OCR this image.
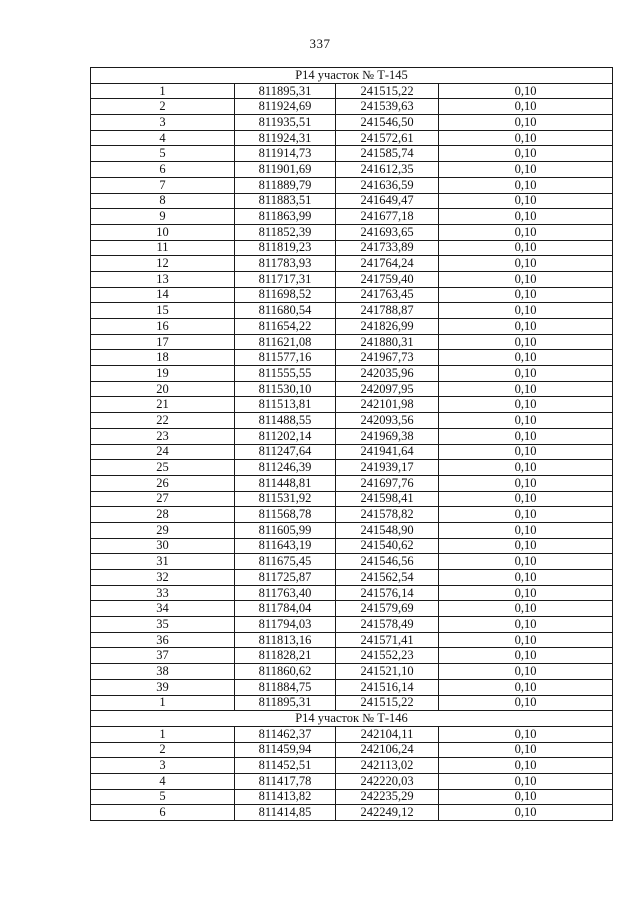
337
Р14 участок № Т-145			
1	811895,31	241515,22	0,10
2	811924,69	241539,63	0,10
3	811935,51	241546,50	0,10
4	811924,31	241572,61	0,10
5	811914,73	241585,74	0,10
6	811901,69	241612,35	0,10
7	811889,79	241636,59	0,10
8	811883,51	241649,47	0,10
9	811863,99	241677,18	0,10
10	811852,39	241693,65	0,10
11	811819,23	241733,89	0,10
12	811783,93	241764,24	0,10
13	811717,31	241759,40	0,10
14	811698,52	241763,45	0,10
15	811680,54	241788,87	0,10
16	811654,22	241826,99	0,10
17	811621,08	241880,31	0,10
18	811577,16	241967,73	0,10
19	811555,55	242035,96	0,10
20	811530,10	242097,95	0,10
21	811513,81	242101,98	0,10
22	811488,55	242093,56	0,10
23	811202,14	241969,38	0,10
24	811247,64	241941,64	0,10
25	811246,39	241939,17	0,10
26	811448,81	241697,76	0,10
27	811531,92	241598,41	0,10
28	811568,78	241578,82	0,10
29	811605,99	241548,90	0,10
30	811643,19	241540,62	0,10
31	811675,45	241546,56	0,10
32	811725,87	241562,54	0,10
33	811763,40	241576,14	0,10
34	811784,04	241579,69	0,10
35	811794,03	241578,49	0,10
36	811813,16	241571,41	0,10
37	811828,21	241552,23	0,10
38	811860,62	241521,10	0,10
39	811884,75	241516,14	0,10
1	811895,31	241515,22	0,10
Р14 участок № Т-146			
1	811462,37	242104,11	0,10
2	811459,94	242106,24	0,10
3	811452,51	242113,02	0,10
4	811417,78	242220,03	0,10
5	811413,82	242235,29	0,10
6	811414,85	242249,12	0,10
